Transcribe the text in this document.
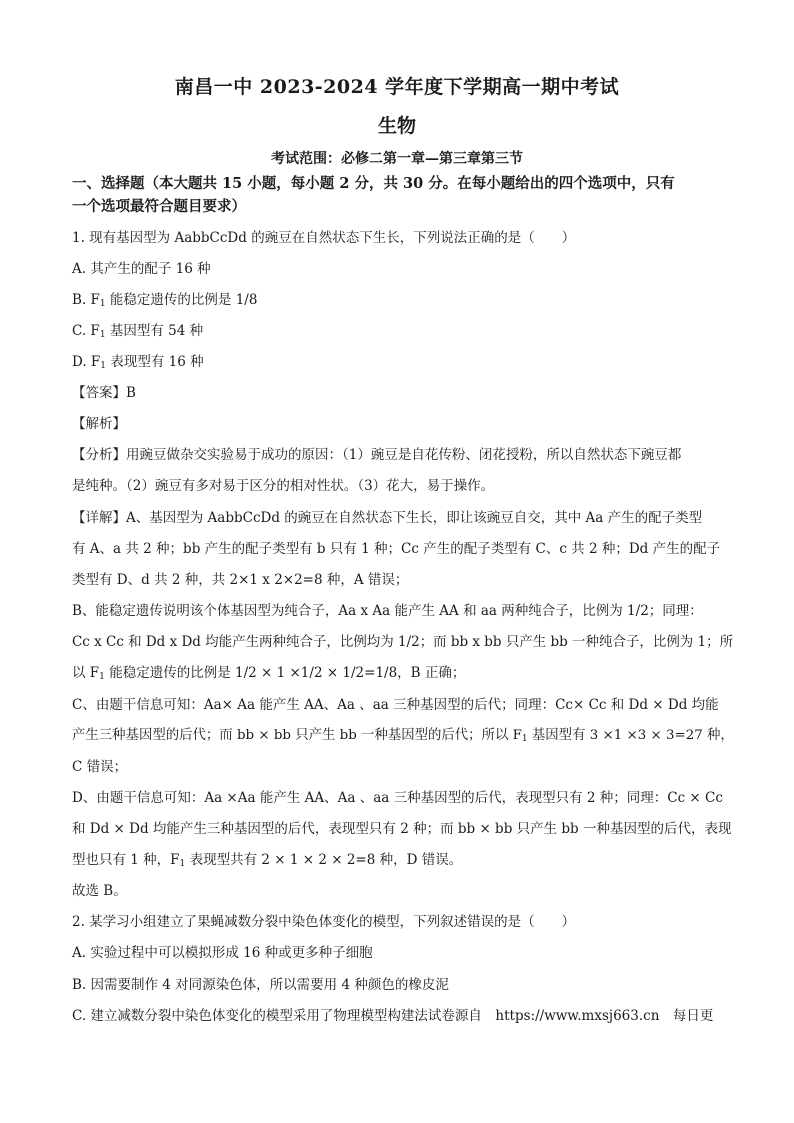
南昌一中 2023-2024 学年度下学期高一期中考试
生物
考试范围：必修二第一章—第三章第三节
一、选择题（本大题共 15 小题，每小题 2 分，共 30 分。在每小题给出的四个选项中，只有
一个选项最符合题目要求）
1. 现有基因型为 AabbCcDd 的豌豆在自然状态下生长，下列说法正确的是（　　）
A. 其产生的配子 16 种
B. $F_1$ 能稳定遗传的比例是 1/8
C. $F_1$ 基因型有 54 种
D. $F_1$ 表现型有 16 种
【答案】B
【解析】
【分析】用豌豆做杂交实验易于成功的原因：（1）豌豆是自花传粉、闭花授粉，所以自然状态下豌豆都
是纯种。（2）豌豆有多对易于区分的相对性状。（3）花大，易于操作。
【详解】A、基因型为 AabbCcDd 的豌豆在自然状态下生长，即让该豌豆自交，其中 Aa 产生的配子类型
有 A、a 共 2 种；bb 产生的配子类型有 b 只有 1 种；Cc 产生的配子类型有 C、c 共 2 种；Dd 产生的配子
类型有 D、d 共 2 种，共 2×1 x 2×2=8 种，A 错误；
B、能稳定遗传说明该个体基因型为纯合子，Aa x Aa 能产生 AA 和 aa 两种纯合子，比例为 1/2；同理：
Cc x Cc 和 Dd x Dd 均能产生两种纯合子，比例均为 1/2；而 bb x bb 只产生 bb 一种纯合子，比例为 1；所
以 $F_1$ 能稳定遗传的比例是 1/2 × 1 ×1/2 × 1/2=1/8，B 正确；
C、由题干信息可知：Aa× Aa 能产生 AA、Aa 、aa 三种基因型的后代；同理：Cc× Cc 和 Dd × Dd 均能
产生三种基因型的后代；而 bb × bb 只产生 bb 一种基因型的后代；所以 $F_1$ 基因型有 3 ×1 ×3 × 3=27 种，
C 错误；
D、由题干信息可知：Aa ×Aa 能产生 AA、Aa 、aa 三种基因型的后代，表现型只有 2 种；同理：Cc × Cc
和 Dd × Dd 均能产生三种基因型的后代，表现型只有 2 种；而 bb × bb 只产生 bb 一种基因型的后代，表现
型也只有 1 种，$F_1$ 表现型共有 2 × 1 × 2 × 2=8 种，D 错误。
故选 B。
2. 某学习小组建立了果蝇减数分裂中染色体变化的模型，下列叙述错误的是（　　）
A. 实验过程中可以模拟形成 16 种或更多种子细胞
B. 因需要制作 4 对同源染色体，所以需要用 4 种颜色的橡皮泥
C. 建立减数分裂中染色体变化的模型采用了物理模型构建法试卷源自　https://www.mxsj663.cn　每日更
